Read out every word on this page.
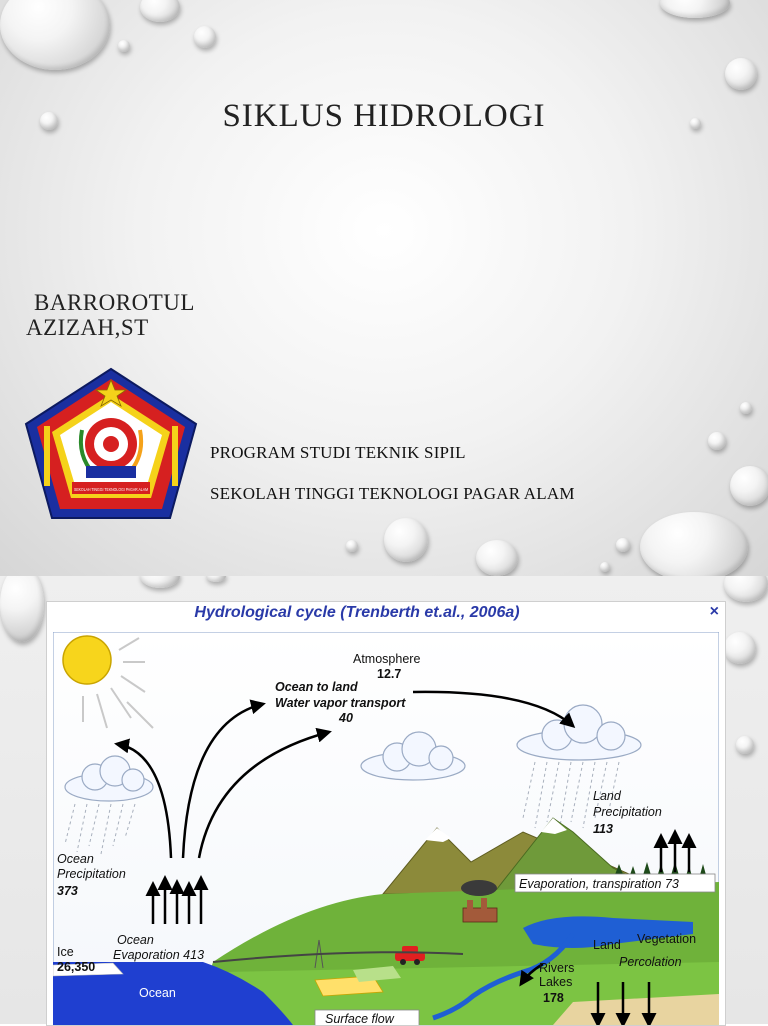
SIKLUS HIDROLOGI
BARROROTUL
AZIZAH,ST
SEKOLAH TINGGI TEKNOLOGI PAGAR ALAM
PROGRAM STUDI TEKNIK SIPIL
SEKOLAH TINGGI TEKNOLOGI PAGAR ALAM
Hydrological cycle (Trenberth et.al., 2006a)	×
Atmosphere
12.7
Ocean to land
Water vapor transport
40
Land
Precipitation
113
Ocean
Precipitation
373	Evaporation, transpiration 73
Ocean
Evaporation 413
Ice
26,350
Ocean
Land Vegetation
Percolation
Rivers
Lakes
178
Surface flow
